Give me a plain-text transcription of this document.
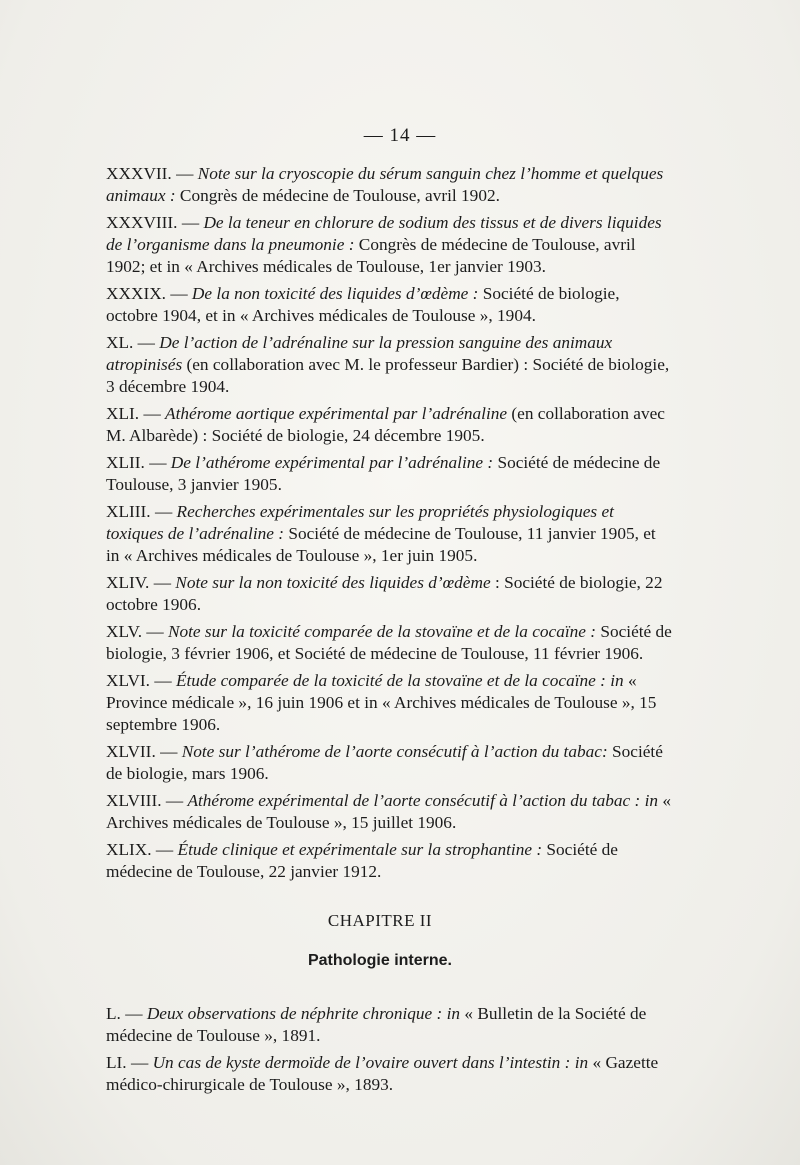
— 14 —

XXXVII. — Note sur la cryoscopie du sérum sanguin chez l’homme et quelques animaux : Congrès de médecine de Toulouse, avril 1902.

XXXVIII. — De la teneur en chlorure de sodium des tissus et de divers liquides de l’organisme dans la pneumonie : Congrès de médecine de Toulouse, avril 1902; et in « Archives médicales de Toulouse, 1er janvier 1903.

XXXIX. — De la non toxicité des liquides d’œdème : Société de biologie, octobre 1904, et in « Archives médicales de Toulouse », 1904.

XL. — De l’action de l’adrénaline sur la pression sanguine des animaux atropinisés (en collaboration avec M. le professeur Bardier) : Société de biologie, 3 décembre 1904.

XLI. — Athérome aortique expérimental par l’adrénaline (en collaboration avec M. Albarède) : Société de biologie, 24 décembre 1905.

XLII. — De l’athérome expérimental par l’adrénaline : Société de médecine de Toulouse, 3 janvier 1905.

XLIII. — Recherches expérimentales sur les propriétés physiologiques et toxiques de l’adrénaline : Société de médecine de Toulouse, 11 janvier 1905, et in « Archives médicales de Toulouse », 1er juin 1905.

XLIV. — Note sur la non toxicité des liquides d’œdème : Société de biologie, 22 octobre 1906.

XLV. — Note sur la toxicité comparée de la stovaïne et de la cocaïne : Société de biologie, 3 février 1906, et Société de médecine de Toulouse, 11 février 1906.

XLVI. — Étude comparée de la toxicité de la stovaïne et de la cocaïne : in « Province médicale », 16 juin 1906 et in « Archives médicales de Toulouse », 15 septembre 1906.

XLVII. — Note sur l’athérome de l’aorte consécutif à l’action du tabac: Société de biologie, mars 1906.

XLVIII. — Athérome expérimental de l’aorte consécutif à l’action du tabac : in « Archives médicales de Toulouse », 15 juillet 1906.

XLIX. — Étude clinique et expérimentale sur la strophantine : Société de médecine de Toulouse, 22 janvier 1912.

CHAPITRE II
Pathologie interne.

L. — Deux observations de néphrite chronique : in « Bulletin de la Société de médecine de Toulouse », 1891.

LI. — Un cas de kyste dermoïde de l’ovaire ouvert dans l’intestin : in « Gazette médico-chirurgicale de Toulouse », 1893.
